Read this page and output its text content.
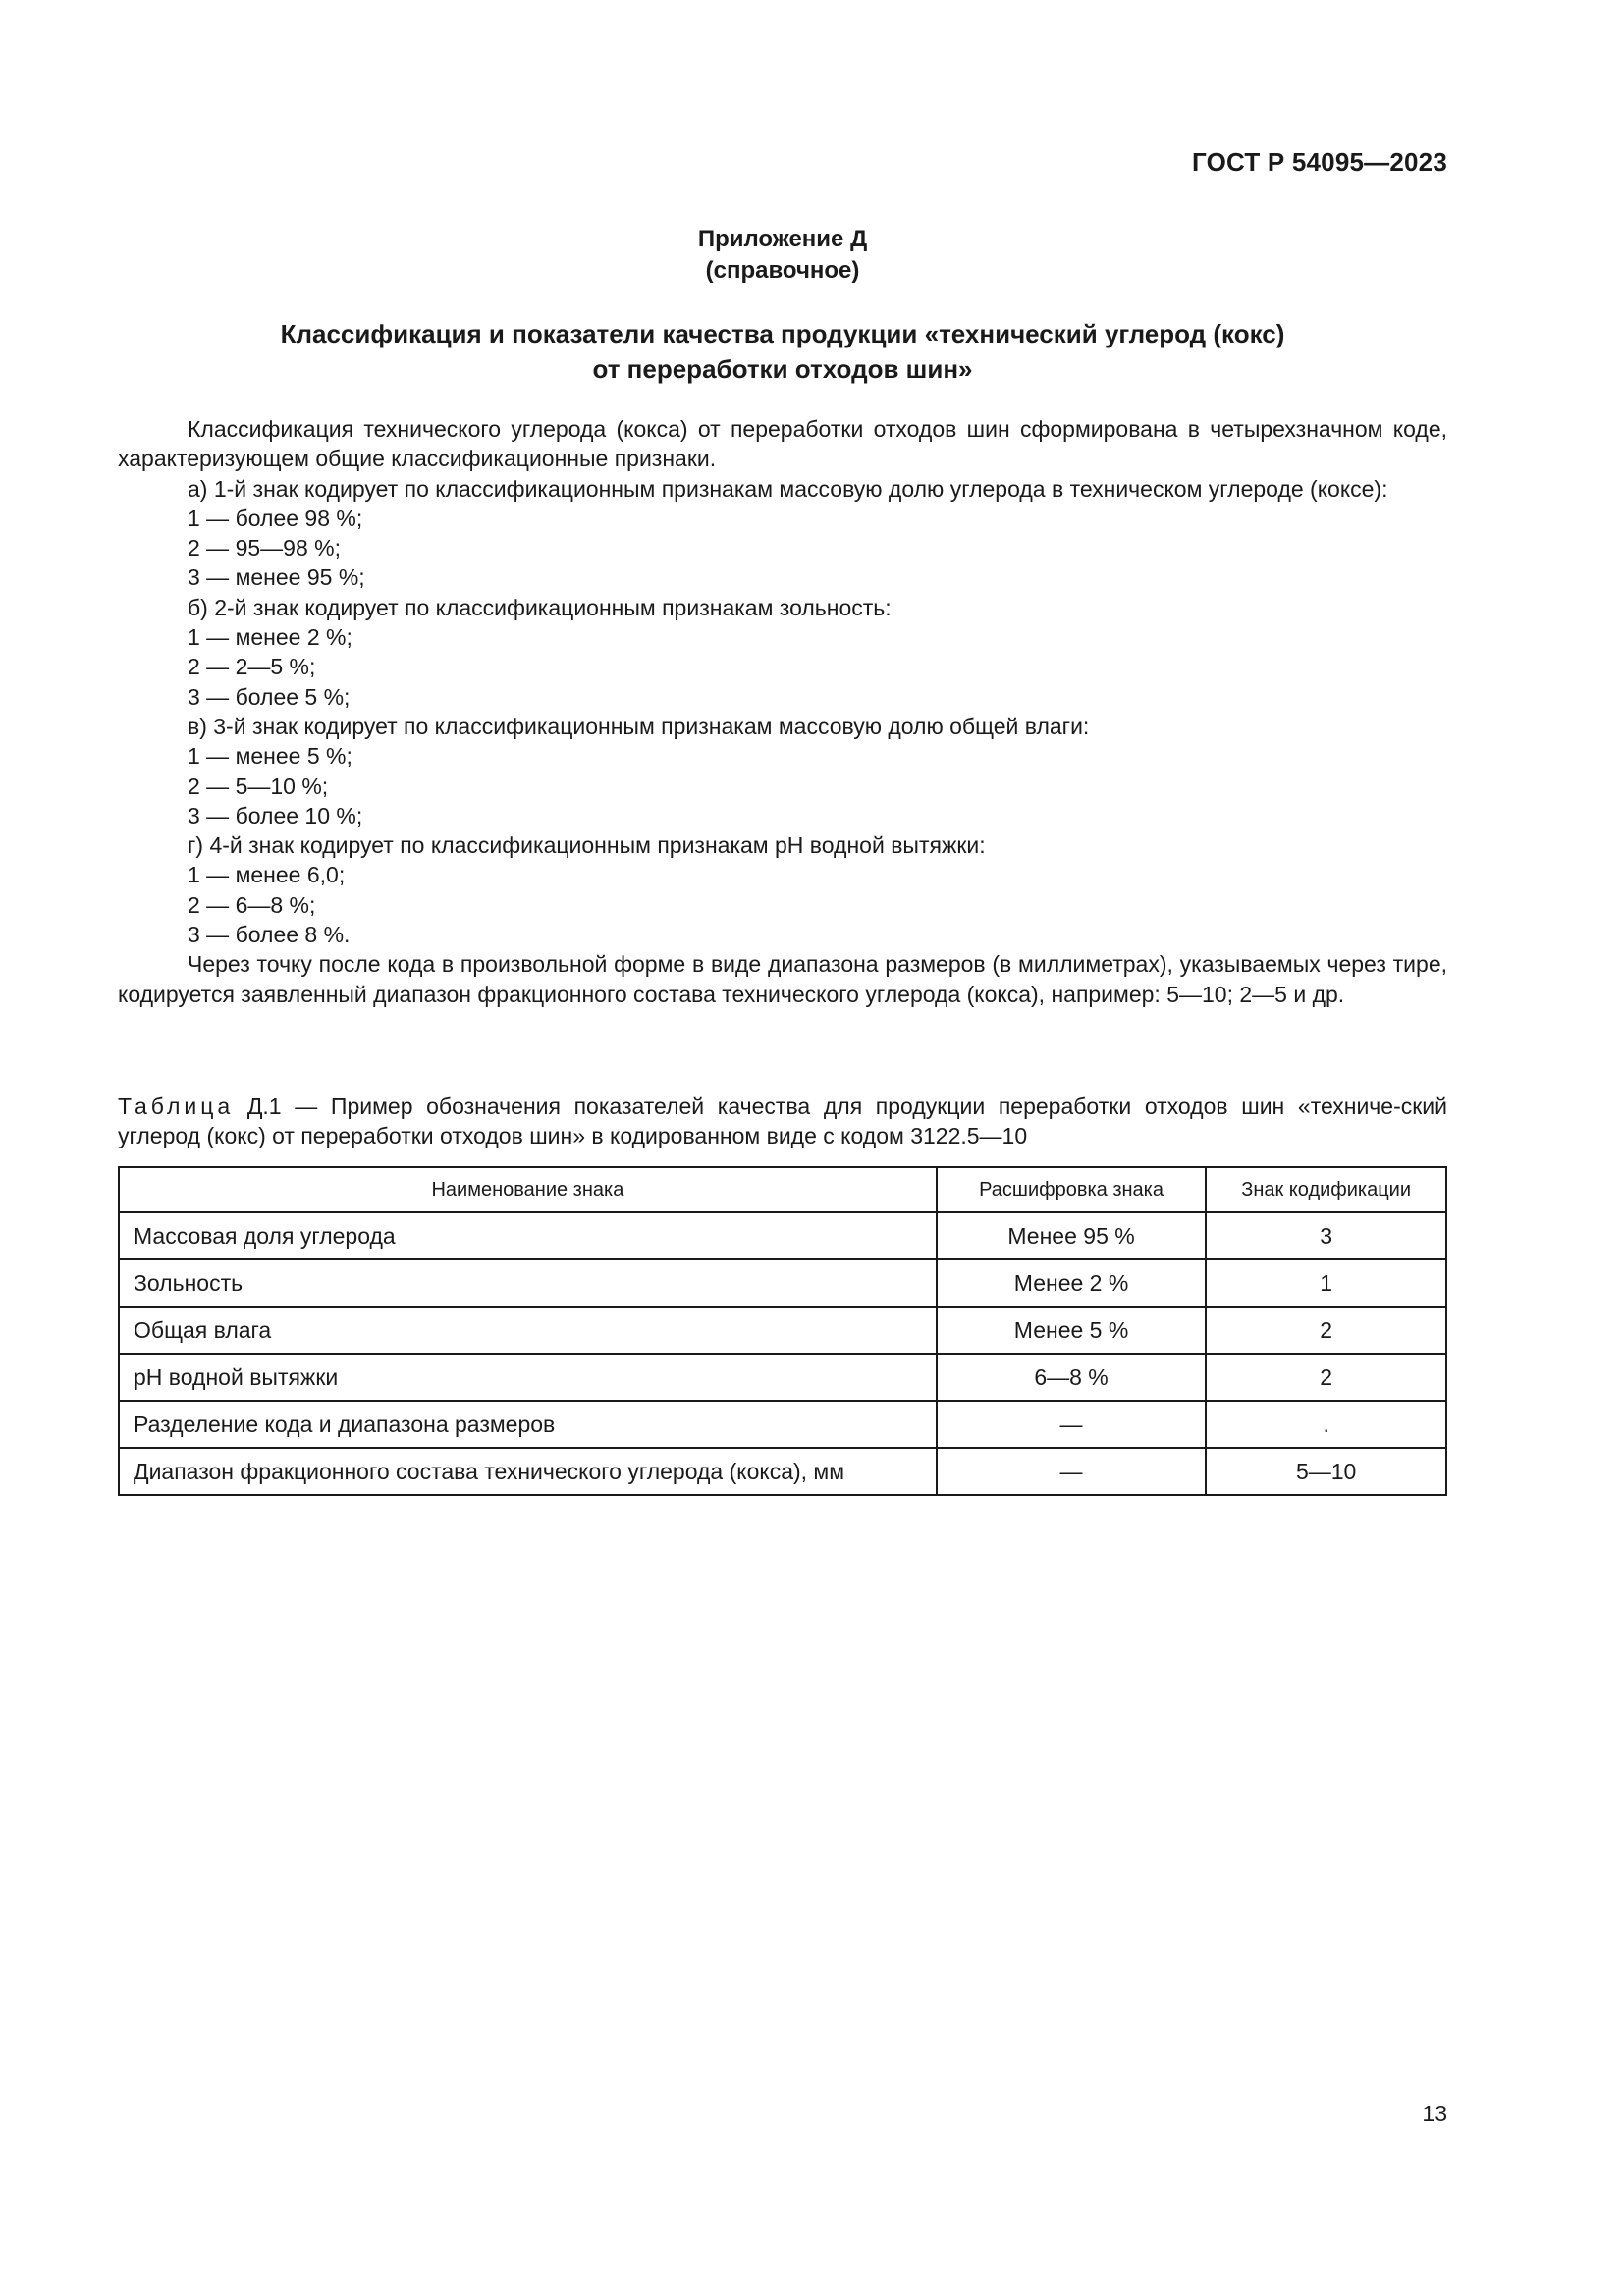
ГОСТ Р 54095—2023
Приложение Д
(справочное)
Классификация и показатели качества продукции «технический углерод (кокс)
от переработки отходов шин»

Классификация технического углерода (кокса) от переработки отходов шин сформирована в четырехзначном коде, характеризующем общие классификационные признаки.

а) 1-й знак кодирует по классификационным признакам массовую долю углерода в техническом углероде (коксе):

1 — более 98 %;

2 — 95—98 %;

3 — менее 95 %;

б) 2-й знак кодирует по классификационным признакам зольность:

1 — менее 2 %;

2 — 2—5 %;

3 — более 5 %;

в) 3-й знак кодирует по классификационным признакам массовую долю общей влаги:

1 — менее 5 %;

2 — 5—10 %;

3 — более 10 %;

г) 4-й знак кодирует по классификационным признакам рН водной вытяжки:

1 — менее 6,0;

2 — 6—8 %;

3 — более 8 %.

Через точку после кода в произвольной форме в виде диапазона размеров (в миллиметрах), указываемых через тире, кодируется заявленный диапазон фракционного состава технического углерода (кокса), например: 5—10; 2—5 и др.

Таблица Д.1 — Пример обозначения показателей качества для продукции переработки отходов шин «техниче-ский углерод (кокс) от переработки отходов шин» в кодированном виде с кодом 3122.5—10
Наименование знака	Расшифровка знака	Знак кодификации
Массовая доля углерода	Менее 95 %	3
Зольность	Менее 2 %	1
Общая влага	Менее 5 %	2
рН водной вытяжки	6—8 %	2
Разделение кода и диапазона размеров	—	.
Диапазон фракционного состава технического углерода (кокса), мм	—	5—10
13
